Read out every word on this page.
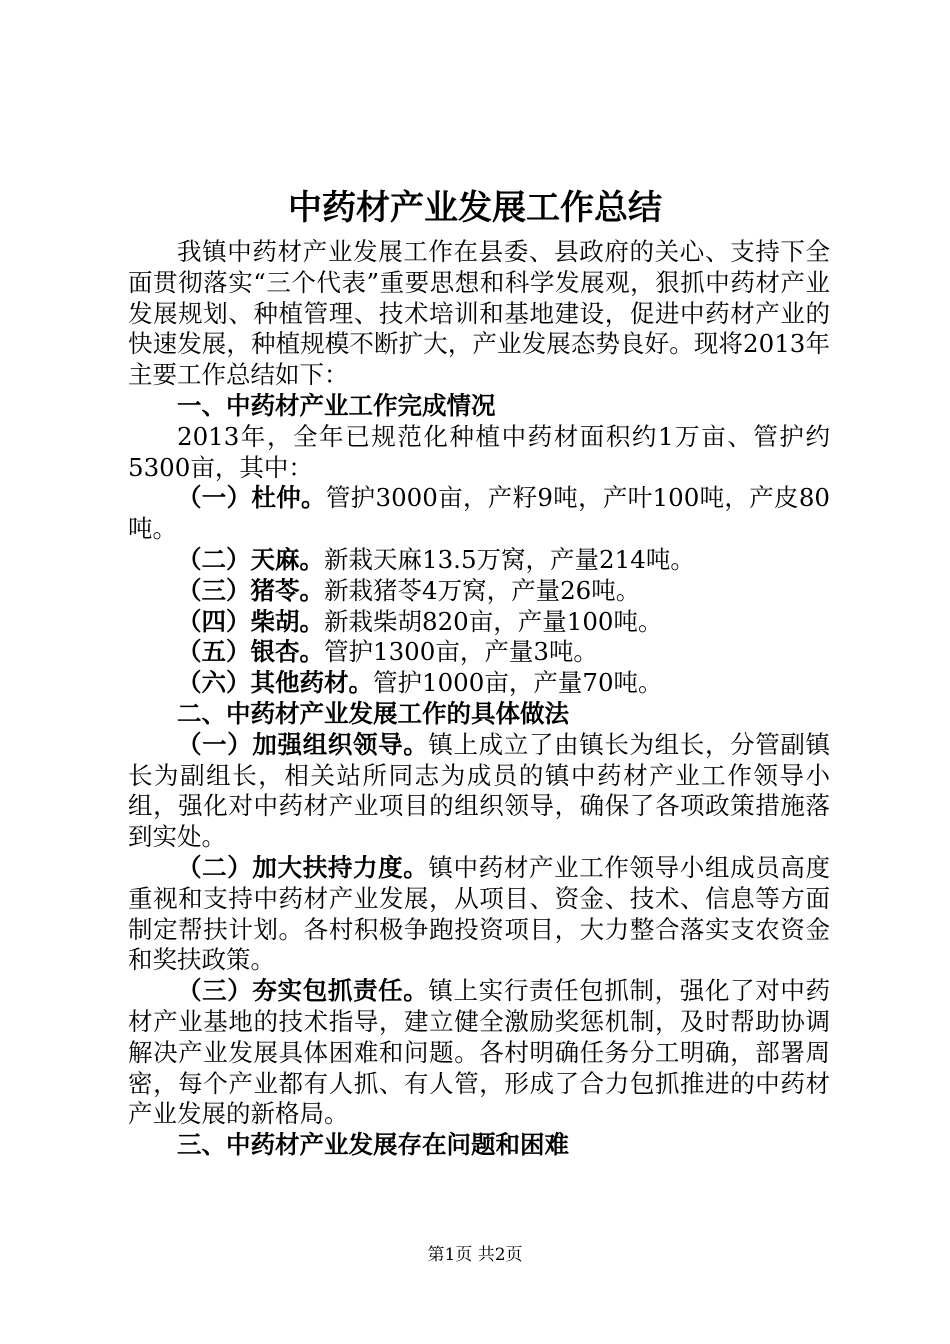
中药材产业发展工作总结

我镇中药材产业发展工作在县委、县政府的关心、支持下全面贯彻落实“三个代表”重要思想和科学发展观，狠抓中药材产业发展规划、种植管理、技术培训和基地建设，促进中药材产业的快速发展，种植规模不断扩大，产业发展态势良好。现将2013年主要工作总结如下：

一、中药材产业工作完成情况

2013年，全年已规范化种植中药材面积约1万亩、管护约5300亩，其中：

（一）杜仲。管护3000亩，产籽9吨，产叶100吨，产皮80吨。

（二）天麻。新栽天麻13.5万窝，产量214吨。

（三）猪苓。新栽猪苓4万窝，产量26吨。

（四）柴胡。新栽柴胡820亩，产量100吨。

（五）银杏。管护1300亩，产量3吨。

（六）其他药材。管护1000亩，产量70吨。

二、中药材产业发展工作的具体做法

（一）加强组织领导。镇上成立了由镇长为组长，分管副镇长为副组长，相关站所同志为成员的镇中药材产业工作领导小组，强化对中药材产业项目的组织领导，确保了各项政策措施落到实处。

（二）加大扶持力度。镇中药材产业工作领导小组成员高度重视和支持中药材产业发展，从项目、资金、技术、信息等方面制定帮扶计划。各村积极争跑投资项目，大力整合落实支农资金和奖扶政策。

（三）夯实包抓责任。镇上实行责任包抓制，强化了对中药材产业基地的技术指导，建立健全激励奖惩机制，及时帮助协调解决产业发展具体困难和问题。各村明确任务分工明确，部署周密，每个产业都有人抓、有人管，形成了合力包抓推进的中药材产业发展的新格局。

三、中药材产业发展存在问题和困难

第1页 共2页
